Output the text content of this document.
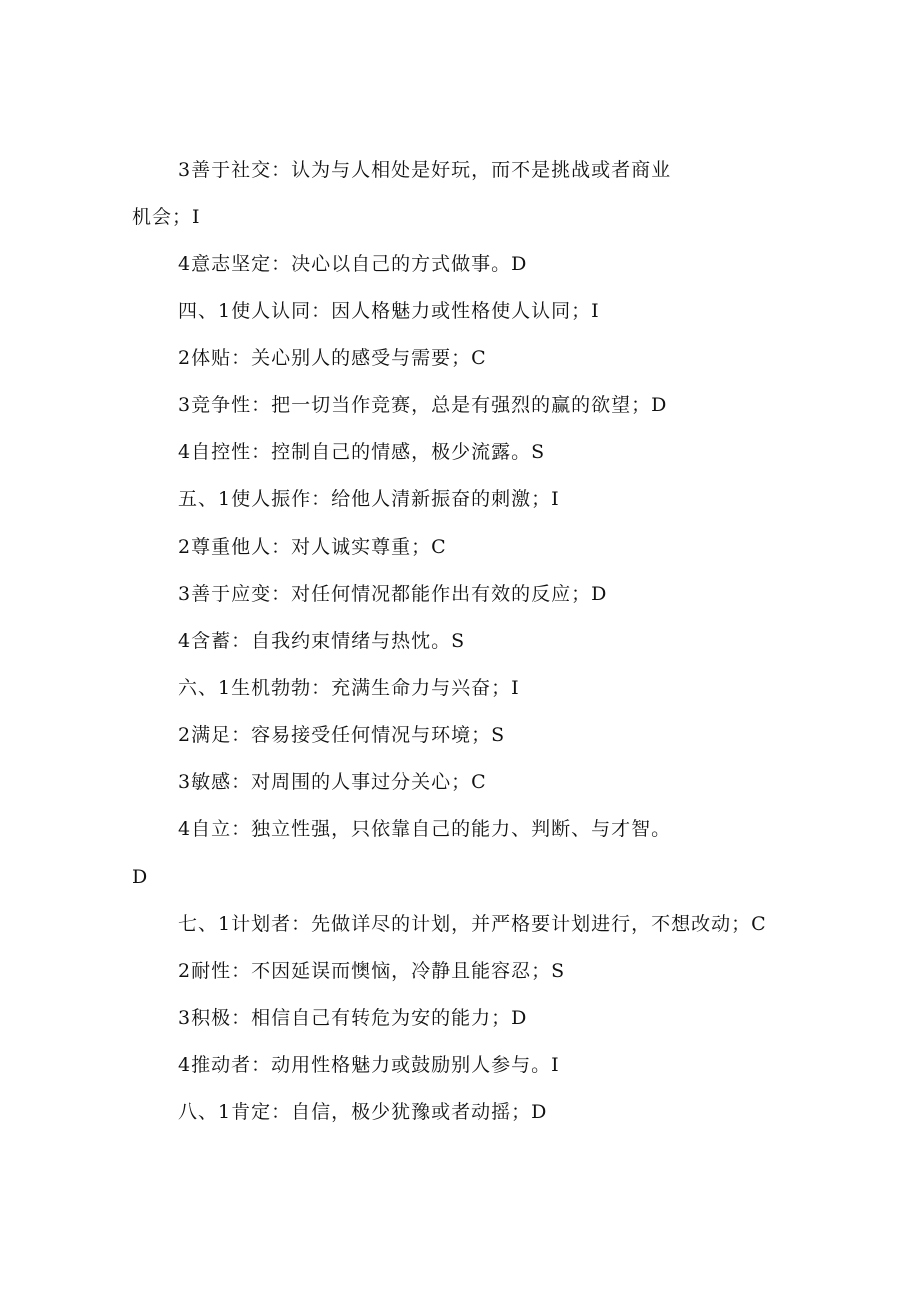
3善于社交：认为与人相处是好玩，而不是挑战或者商业
机会；I
4意志坚定：决心以自己的方式做事。D
四、1使人认同：因人格魅力或性格使人认同；I
2体贴：关心别人的感受与需要；C
3竞争性：把一切当作竞赛，总是有强烈的赢的欲望；D
4自控性：控制自己的情感，极少流露。S
五、1使人振作：给他人清新振奋的刺激；I
2尊重他人：对人诚实尊重；C
3善于应变：对任何情况都能作出有效的反应；D
4含蓄：自我约束情绪与热忱。S
六、1生机勃勃：充满生命力与兴奋；I
2满足：容易接受任何情况与环境；S
3敏感：对周围的人事过分关心；C
4自立：独立性强，只依靠自己的能力、判断、与才智。
D
七、1计划者：先做详尽的计划，并严格要计划进行，不想改动；C
2耐性：不因延误而懊恼，冷静且能容忍；S
3积极：相信自己有转危为安的能力；D
4推动者：动用性格魅力或鼓励别人参与。I
八、1肯定：自信，极少犹豫或者动摇；D
